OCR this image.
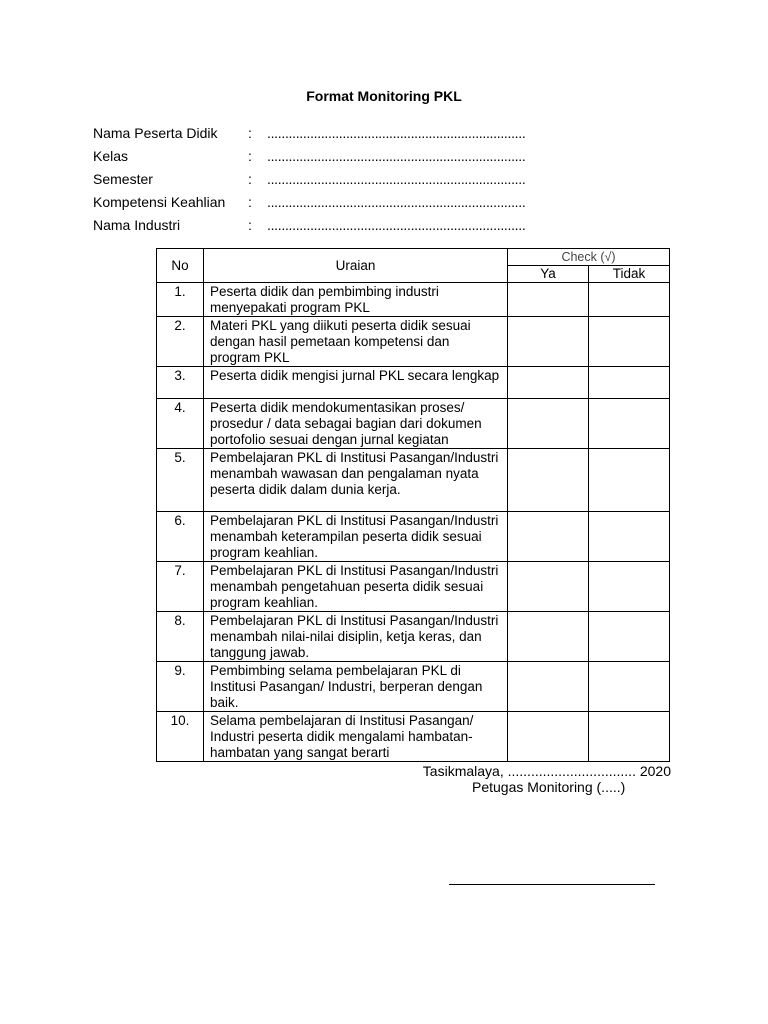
Format Monitoring PKL
Nama Peserta Didik : ........................................................................
Kelas	: ........................................................................
Semester	: ........................................................................
Kompetensi Keahlian : ........................................................................
Nama Industri	: ........................................................................
No	Uraian	Check (√)	
		Ya	Tidak
1.	Peserta didik dan pembimbing industri menyepakati program PKL		
2.	Materi PKL yang diikuti peserta didik sesuai dengan hasil pemetaan kompetensi dan program PKL		
3.	Peserta didik mengisi jurnal PKL secara lengkap		
4.	Peserta didik mendokumentasikan proses/ prosedur / data sebagai bagian dari dokumen portofolio sesuai dengan jurnal kegiatan		
5.	Pembelajaran PKL di Institusi Pasangan/Industri menambah wawasan dan pengalaman nyata peserta didik dalam dunia kerja.		
6.	Pembelajaran PKL di Institusi Pasangan/Industri menambah keterampilan peserta didik sesuai program keahlian.		
7.	Pembelajaran PKL di Institusi Pasangan/Industri menambah pengetahuan peserta didik sesuai program keahlian.		
8.	Pembelajaran PKL di Institusi Pasangan/Industri menambah nilai-nilai disiplin, ketja keras, dan tanggung jawab.		
9.	Pembimbing selama pembelajaran PKL di Institusi Pasangan/ Industri, berperan dengan baik.		
10.	Selama pembelajaran di Institusi Pasangan/ Industri peserta didik mengalami hambatan-hambatan yang sangat berarti		
Tasikmalaya, ................................. 2020
Petugas Monitoring (.....)
